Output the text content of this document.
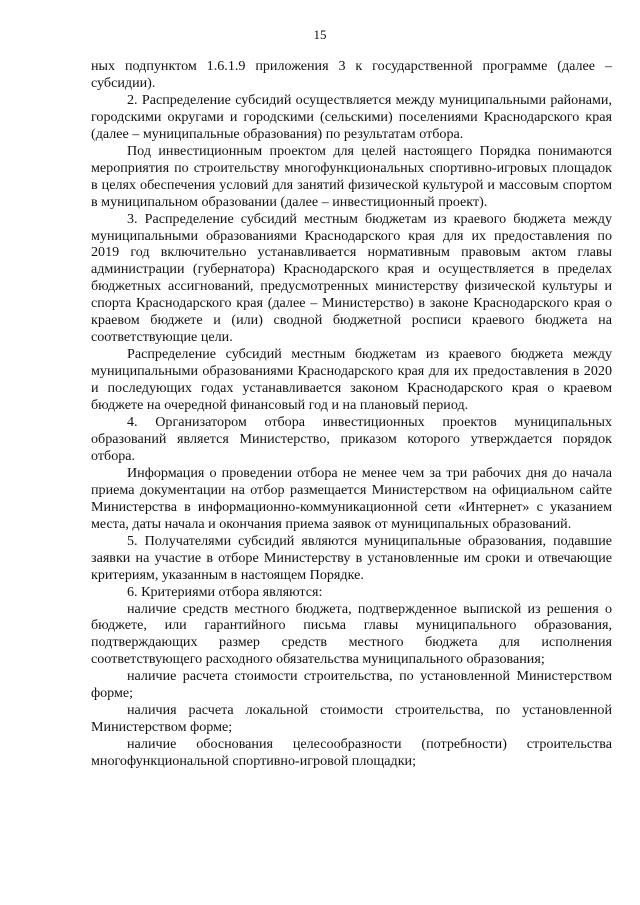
15

ных подпунктом 1.6.1.9 приложения 3 к государственной программе (далее – субсидии).

2. Распределение субсидий осуществляется между муниципальными районами, городскими округами и городскими (сельскими) поселениями Краснодарского края (далее – муниципальные образования) по результатам отбора.

Под инвестиционным проектом для целей настоящего Порядка понимаются мероприятия по строительству многофункциональных спортивно-игровых площадок в целях обеспечения условий для занятий физической культурой и массовым спортом в муниципальном образовании (далее – инвестиционный проект).

3. Распределение субсидий местным бюджетам из краевого бюджета между муниципальными образованиями Краснодарского края для их предоставления по 2019 год включительно устанавливается нормативным правовым актом главы администрации (губернатора) Краснодарского края и осуществляется в пределах бюджетных ассигнований, предусмотренных министерству физической культуры и спорта Краснодарского края (далее – Министерство) в законе Краснодарского края о краевом бюджете и (или) сводной бюджетной росписи краевого бюджета на соответствующие цели.

Распределение субсидий местным бюджетам из краевого бюджета между муниципальными образованиями Краснодарского края для их предоставления в 2020 и последующих годах устанавливается законом Краснодарского края о краевом бюджете на очередной финансовый год и на плановый период.

4. Организатором отбора инвестиционных проектов муниципальных образований является Министерство, приказом которого утверждается порядок отбора.

Информация о проведении отбора не менее чем за три рабочих дня до начала приема документации на отбор размещается Министерством на официальном сайте Министерства в информационно-коммуникационной сети «Интернет» с указанием места, даты начала и окончания приема заявок от муниципальных образований.

5. Получателями субсидий являются муниципальные образования, подавшие заявки на участие в отборе Министерству в установленные им сроки и отвечающие критериям, указанным в настоящем Порядке.

6. Критериями отбора являются:

наличие средств местного бюджета, подтвержденное выпиской из решения о бюджете, или гарантийного письма главы муниципального образования, подтверждающих размер средств местного бюджета для исполнения соответствующего расходного обязательства муниципального образования;

наличие расчета стоимости строительства, по установленной Министерством форме;

наличия расчета локальной стоимости строительства, по установленной Министерством форме;

наличие обоснования целесообразности (потребности) строительства многофункциональной спортивно-игровой площадки;
